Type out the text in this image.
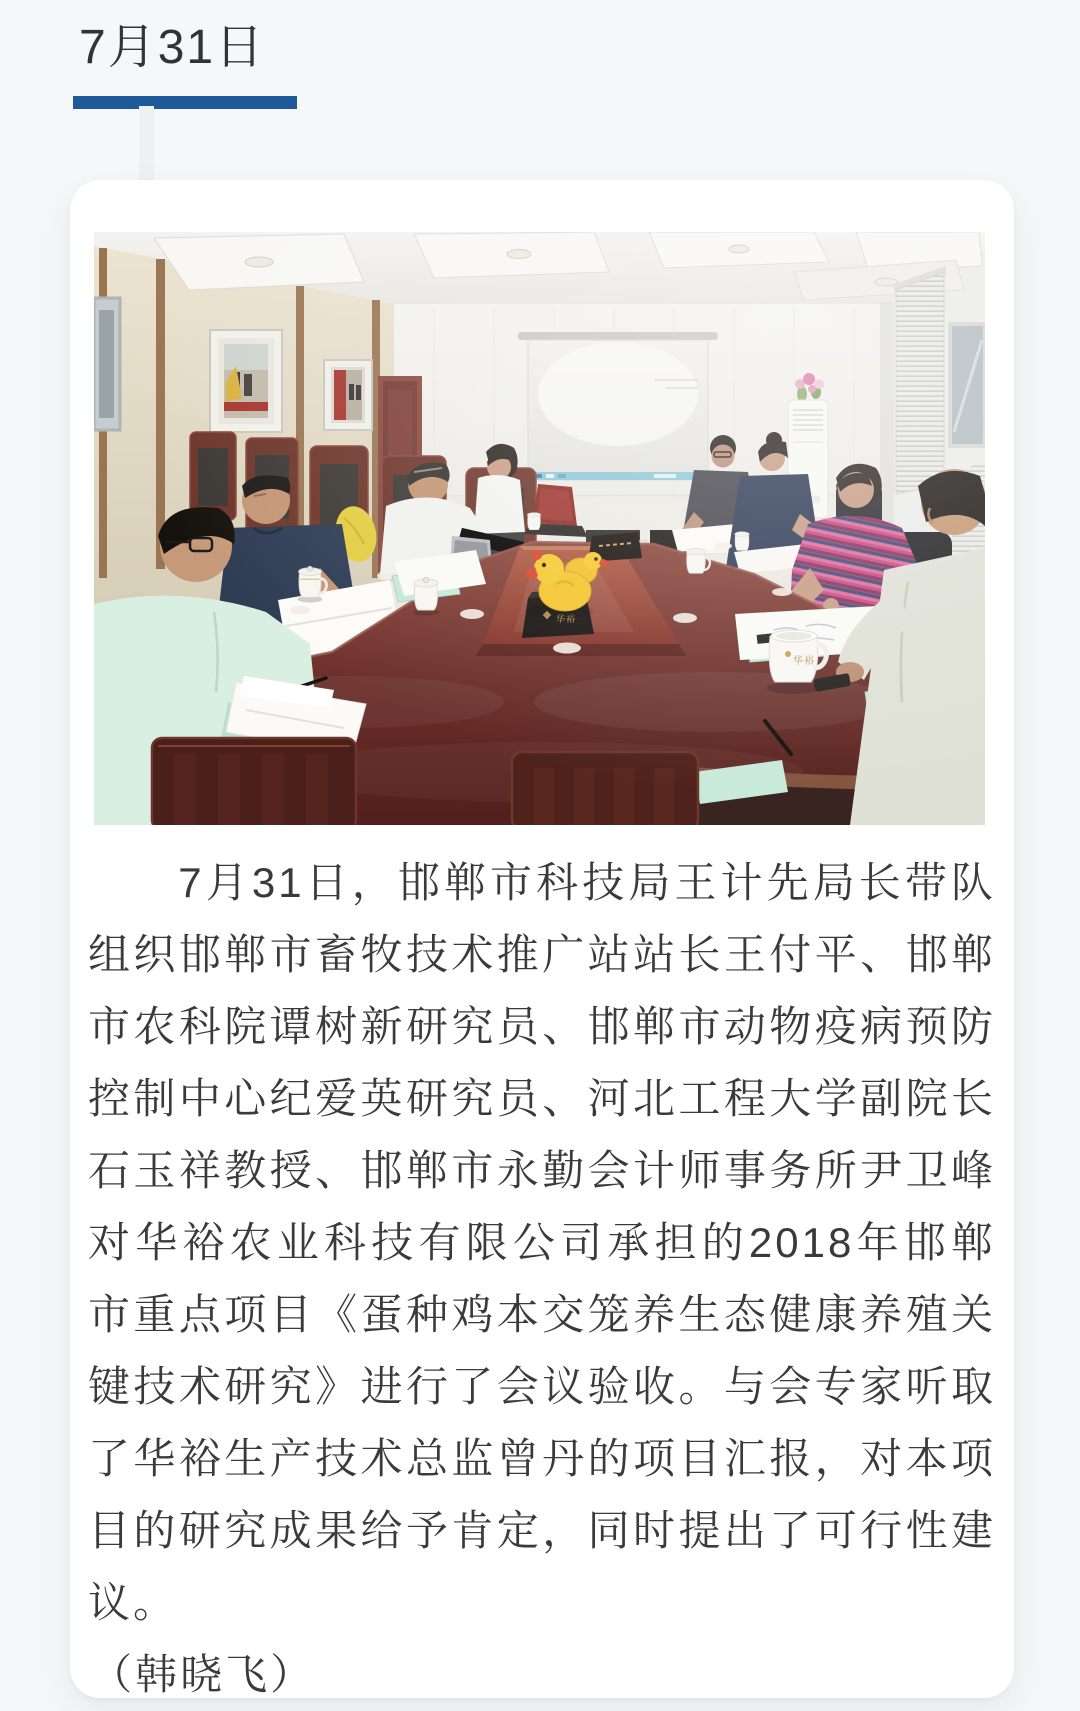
7月31日

7月31日，邯郸市科技局王计先局长带队组织邯郸市畜牧技术推广站站长王付平、邯郸市农科院谭树新研究员、邯郸市动物疫病预防控制中心纪爱英研究员、河北工程大学副院长石玉祥教授、邯郸市永勤会计师事务所尹卫峰对华裕农业科技有限公司承担的2018年邯郸市重点项目《蛋种鸡本交笼养生态健康养殖关键技术研究》进行了会议验收。与会专家听取了华裕生产技术总监曾丹的项目汇报，对本项目的研究成果给予肯定，同时提出了可行性建议。

（韩晓飞）
